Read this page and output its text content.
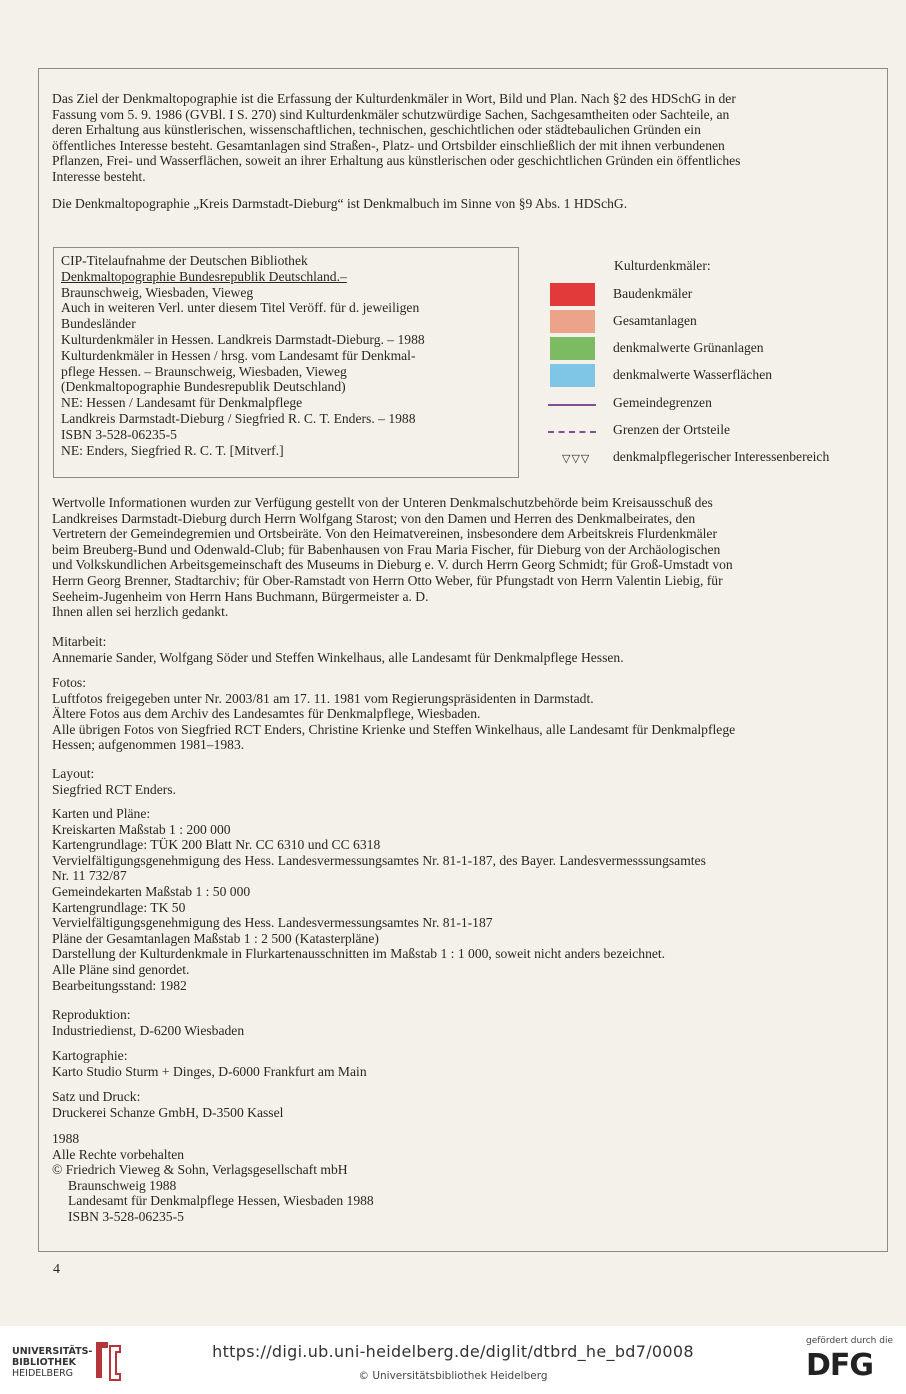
Das Ziel der Denkmaltopographie ist die Erfassung der Kulturdenkmäler in Wort, Bild und Plan. Nach §2 des HDSchG in der
Fassung vom 5. 9. 1986 (GVBl. I S. 270) sind Kulturdenkmäler schutzwürdige Sachen, Sachgesamtheiten oder Sachteile, an
deren Erhaltung aus künstlerischen, wissenschaftlichen, technischen, geschichtlichen oder städtebaulichen Gründen ein
öffentliches Interesse besteht. Gesamtanlagen sind Straßen-, Platz- und Ortsbilder einschließlich der mit ihnen verbundenen
Pflanzen, Frei- und Wasserflächen, soweit an ihrer Erhaltung aus künstlerischen oder geschichtlichen Gründen ein öffentliches
Interesse besteht.
Die Denkmaltopographie „Kreis Darmstadt-Dieburg“ ist Denkmalbuch im Sinne von §9 Abs. 1 HDSchG.
CIP-Titelaufnahme der Deutschen Bibliothek
Denkmaltopographie Bundesrepublik Deutschland.–
Braunschweig, Wiesbaden, Vieweg
Auch in weiteren Verl. unter diesem Titel Veröff. für d. jeweiligen
Bundesländer
Kulturdenkmäler in Hessen. Landkreis Darmstadt-Dieburg. – 1988
Kulturdenkmäler in Hessen / hrsg. vom Landesamt für Denkmal-
pflege Hessen. – Braunschweig, Wiesbaden, Vieweg
(Denkmaltopographie Bundesrepublik Deutschland)
NE: Hessen / Landesamt für Denkmalpflege
Landkreis Darmstadt-Dieburg / Siegfried R. C. T. Enders. – 1988
ISBN 3-528-06235-5
NE: Enders, Siegfried R. C. T. [Mitverf.]
Kulturdenkmäler:
Baudenkmäler
Gesamtanlagen
denkmalwerte Grünanlagen
denkmalwerte Wasserflächen
Gemeindegrenzen
Grenzen der Ortsteile
▽▽▽ denkmalpflegerischer Interessenbereich
Wertvolle Informationen wurden zur Verfügung gestellt von der Unteren Denkmalschutzbehörde beim Kreisausschuß des
Landkreises Darmstadt-Dieburg durch Herrn Wolfgang Starost; von den Damen und Herren des Denkmalbeirates, den
Vertretern der Gemeindegremien und Ortsbeiräte. Von den Heimatvereinen, insbesondere dem Arbeitskreis Flurdenkmäler
beim Breuberg-Bund und Odenwald-Club; für Babenhausen von Frau Maria Fischer, für Dieburg von der Archäologischen
und Volkskundlichen Arbeitsgemeinschaft des Museums in Dieburg e. V. durch Herrn Georg Schmidt; für Groß-Umstadt von
Herrn Georg Brenner, Stadtarchiv; für Ober-Ramstadt von Herrn Otto Weber, für Pfungstadt von Herrn Valentin Liebig, für
Seeheim-Jugenheim von Herrn Hans Buchmann, Bürgermeister a. D.
Ihnen allen sei herzlich gedankt.
Mitarbeit:
Annemarie Sander, Wolfgang Söder und Steffen Winkelhaus, alle Landesamt für Denkmalpflege Hessen.
Fotos:
Luftfotos freigegeben unter Nr. 2003/81 am 17. 11. 1981 vom Regierungspräsidenten in Darmstadt.
Ältere Fotos aus dem Archiv des Landesamtes für Denkmalpflege, Wiesbaden.
Alle übrigen Fotos von Siegfried RCT Enders, Christine Krienke und Steffen Winkelhaus, alle Landesamt für Denkmalpflege
Hessen; aufgenommen 1981–1983.
Layout:
Siegfried RCT Enders.
Karten und Pläne:
Kreiskarten Maßstab 1 : 200 000
Kartengrundlage: TÜK 200 Blatt Nr. CC 6310 und CC 6318
Vervielfältigungsgenehmigung des Hess. Landesvermessungsamtes Nr. 81-1-187, des Bayer. Landesvermesssungsamtes
Nr. 11 732/87
Gemeindekarten Maßstab 1 : 50 000
Kartengrundlage: TK 50
Vervielfältigungsgenehmigung des Hess. Landesvermessungsamtes Nr. 81-1-187
Pläne der Gesamtanlagen Maßstab 1 : 2 500 (Katasterpläne)
Darstellung der Kulturdenkmale in Flurkartenausschnitten im Maßstab 1 : 1 000, soweit nicht anders bezeichnet.
Alle Pläne sind genordet.
Bearbeitungsstand: 1982
Reproduktion:
Industriedienst, D-6200 Wiesbaden
Kartographie:
Karto Studio Sturm + Dinges, D-6000 Frankfurt am Main
Satz und Druck:
Druckerei Schanze GmbH, D-3500 Kassel
1988
Alle Rechte vorbehalten
© Friedrich Vieweg & Sohn, Verlagsgesellschaft mbH
Braunschweig 1988
Landesamt für Denkmalpflege Hessen, Wiesbaden 1988
ISBN 3-528-06235-5
4
UNIVERSITÄTS-
BIBLIOTHEK
HEIDELBERG
https://digi.ub.uni-heidelberg.de/diglit/dtbrd_he_bd7/0008
© Universitätsbibliothek Heidelberg
gefördert durch die
DFG
